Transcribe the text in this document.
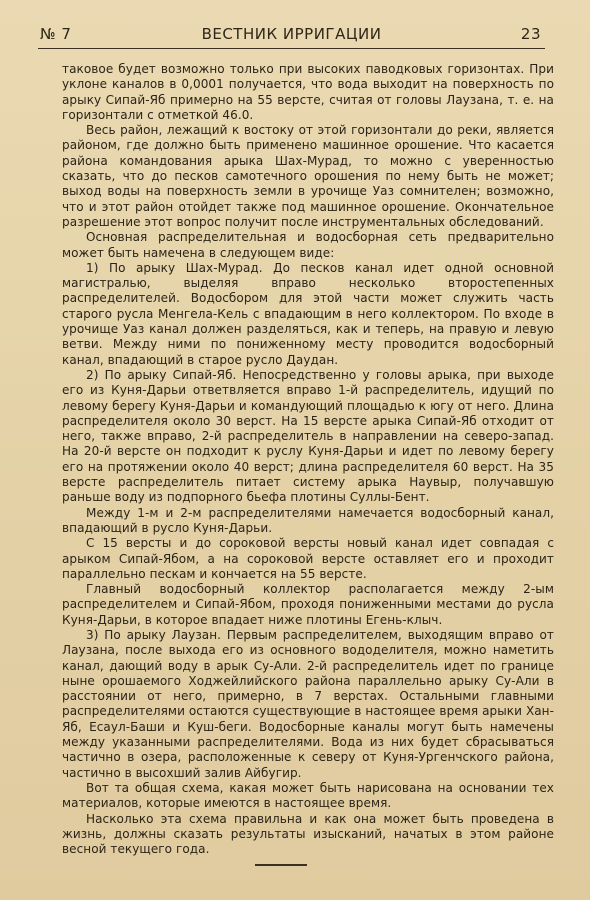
№ 7	ВЕСТНИК ИРРИГАЦИИ	23

таковое будет возможно только при высоких паводковых горизонтах. При уклоне каналов в 0,0001 получается, что вода выходит на поверхность по арыку Сипай-Яб примерно на 55 версте, считая от головы Лаузана, т. е. на горизонтали с отметкой 46.0.

Весь район, лежащий к востоку от этой горизонтали до реки, является районом, где должно быть применено машинное орошение. Что касается района командования арыка Шах-Мурад, то можно с уверенностью сказать, что до песков самотечного орошения по нему быть не может; выход воды на поверхность земли в урочище Уаз сомнителен; возможно, что и этот район отойдет также под машинное орошение. Окончательное разрешение этот вопрос получит после инструментальных обследований.

Основная распределительная и водосборная сеть предварительно может быть намечена в следующем виде:

1) По арыку Шах-Мурад. До песков канал идет одной основной магистралью, выделяя вправо несколько второстепенных распределителей. Водосбором для этой части может служить часть старого русла Менгела-Кель с впадающим в него коллектором. По входе в урочище Уаз канал должен разделяться, как и теперь, на правую и левую ветви. Между ними по пониженному месту проводится водосборный канал, впадающий в старое русло Даудан.

2) По арыку Сипай-Яб. Непосредственно у головы арыка, при выходе его из Куня-Дарьи ответвляется вправо 1-й распределитель, идущий по левому берегу Куня-Дарьи и командующий площадью к югу от него. Длина распределителя около 30 верст. На 15 версте арыка Сипай-Яб отходит от него, также вправо, 2-й распределитель в направлении на северо-запад. На 20-й версте он подходит к руслу Куня-Дарьи и идет по левому берегу его на протяжении около 40 верст; длина распределителя 60 верст. На 35 версте распределитель питает систему арыка Наувыр, получавшую раньше воду из подпорного бьефа плотины Суллы-Бент.

Между 1-м и 2-м распределителями намечается водосборный канал, впадающий в русло Куня-Дарьи.

С 15 версты и до сороковой версты новый канал идет совпадая с арыком Сипай-Ябом, а на сороковой версте оставляет его и проходит параллельно пескам и кончается на 55 версте.

Главный водосборный коллектор располагается между 2-ым распределителем и Сипай-Ябом, проходя пониженными местами до русла Куня-Дарьи, в которое впадает ниже плотины Егень-клыч.

3) По арыку Лаузан. Первым распределителем, выходящим вправо от Лаузана, после выхода его из основного вододелителя, можно наметить канал, дающий воду в арык Су-Али. 2-й распределитель идет по границе ныне орошаемого Ходжейлийского района параллельно арыку Су-Али в расстоянии от него, примерно, в 7 верстах. Остальными главными распределителями остаются существующие в настоящее время арыки Хан-Яб, Есаул-Баши и Куш-беги. Водосборные каналы могут быть намечены между указанными распределителями. Вода из них будет сбрасываться частично в озера, расположенные к северу от Куня-Ургенчского района, частично в высохший залив Айбугир.

Вот та общая схема, какая может быть нарисована на основании тех материалов, которые имеются в настоящее время.

Насколько эта схема правильна и как она может быть проведена в жизнь, должны сказать результаты изысканий, начатых в этом районе весной текущего года.
